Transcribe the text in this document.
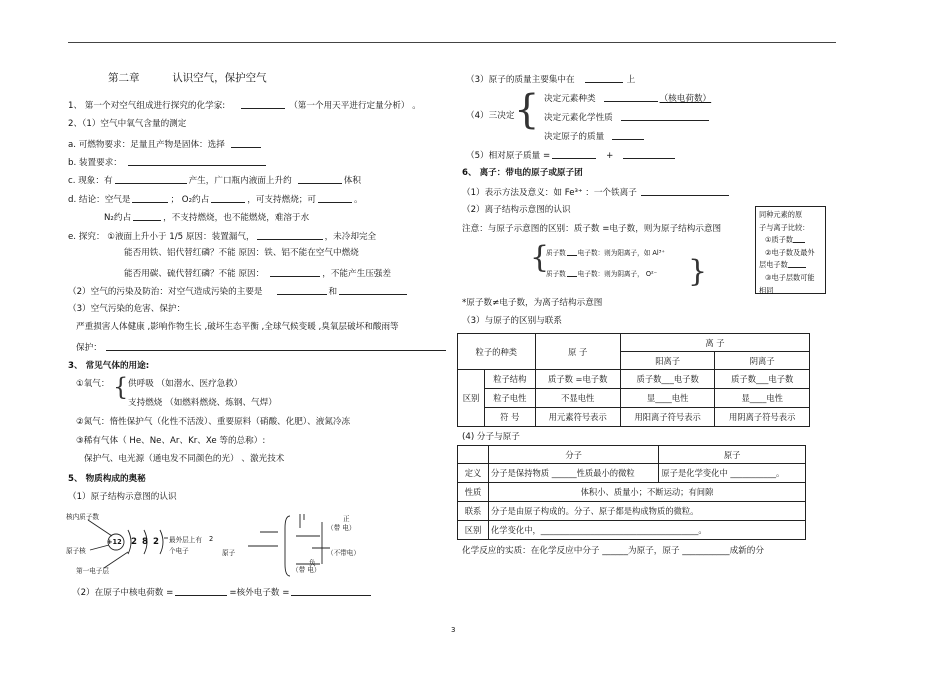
第二章	认识空气，保护空气
1、 第一个对空气组成进行探究的化学家:	（第一个用天平进行定量分析） 。
2、（1）空气中氧气含量的测定
a. 可燃物要求：足量且产物是固体：选择
b. 装置要求：
c. 现象：有	产生，广口瓶内液面上升约	体积
d. 结论：空气是	； O₂约占	，可支持燃烧；可	。
N₂约占	，不支持燃烧，也不能燃烧，难溶于水
e. 探究： ①液面上升小于 1/5 原因：装置漏气，	，未冷却完全
能否用铁、铝代替红磷？不能 原因：铁、铝不能在空气中燃烧
能否用碳、硫代替红磷？不能 原因：	，不能产生压强差
（2）空气的污染及防治：对空气造成污染的主要是	和
（3）空气污染的危害、保护：
严重损害人体健康 ,影响作物生长 ,破坏生态平衡 ,全球气候变暖 ,臭氧层破坏和酸雨等
保护：
3、 常见气体的用途:
①氧气： { 供呼吸 （如潜水、医疗急救）
支持燃烧 （如燃料燃烧、炼钢、气焊）
②氮气：惰性保护气（化性不活泼）、重要原料（硝酸、化肥）、液氮冷冻
③稀有气体（ He、Ne、Ar、Kr、Xe 等的总称）:
保护气、电光源（通电发不同颜色的光） 、激光技术
5、 物质构成的奥秘
（1）原子结构示意图的认识
核内质子数
+12 2 8 2
原子核
第一电子层
最外层上有
个电子
2
原子
正
（带 电）
（不带电）
负
（带 电）
（2）在原子中核电荷数 =	=核外电子数 =
（3）原子的质量主要集中在	上
{ 决定元素种类	（核电荷数）
（4）三决定	决定元素化学性质
决定原子的质量
（5）相对原子质量 =	+
6、 离子：带电的原子或原子团
（1）表示方法及意义：如 Fe³⁺ ：一个铁离子
（2）离子结构示意图的认识
注意：与原子示意图的区别：质子数 =电子数，则为原子结构示意图
{	}
质子数 电子数：则为阳离子，如 Al³⁺
质子数 电子数：则为阴离子， O²⁻
同种元素的原
子与离子比较：
①质子数
②电子数及最外
层电子数
③电子层数可能
相同
*原子数≠电子数，为离子结构示意图
（3）与原子的区别与联系
粒子的种类		原 子	离 子	
			阳离子	阴离子
区别	粒子结构	质子数 =电子数	质子数___电子数	质子数___电子数
	粒子电性	不显电性	显____电性	显____电性
	符 号	用元素符号表示	用阳离子符号表示	用阴离子符号表示
(4) 分子与原子
	分子	原子
定义	分子是保持物质 ______性质最小的微粒	原子是化学变化中 ___________。
性质	体积小、质量小；不断运动；有间隙	
联系	分子是由原子构成的。分子、原子都是构成物质的微粒。	
区别	化学变化中，______________________________________。	
化学反应的实质：在化学反应中分子 ______为原子，原子 ___________成新的分
3
